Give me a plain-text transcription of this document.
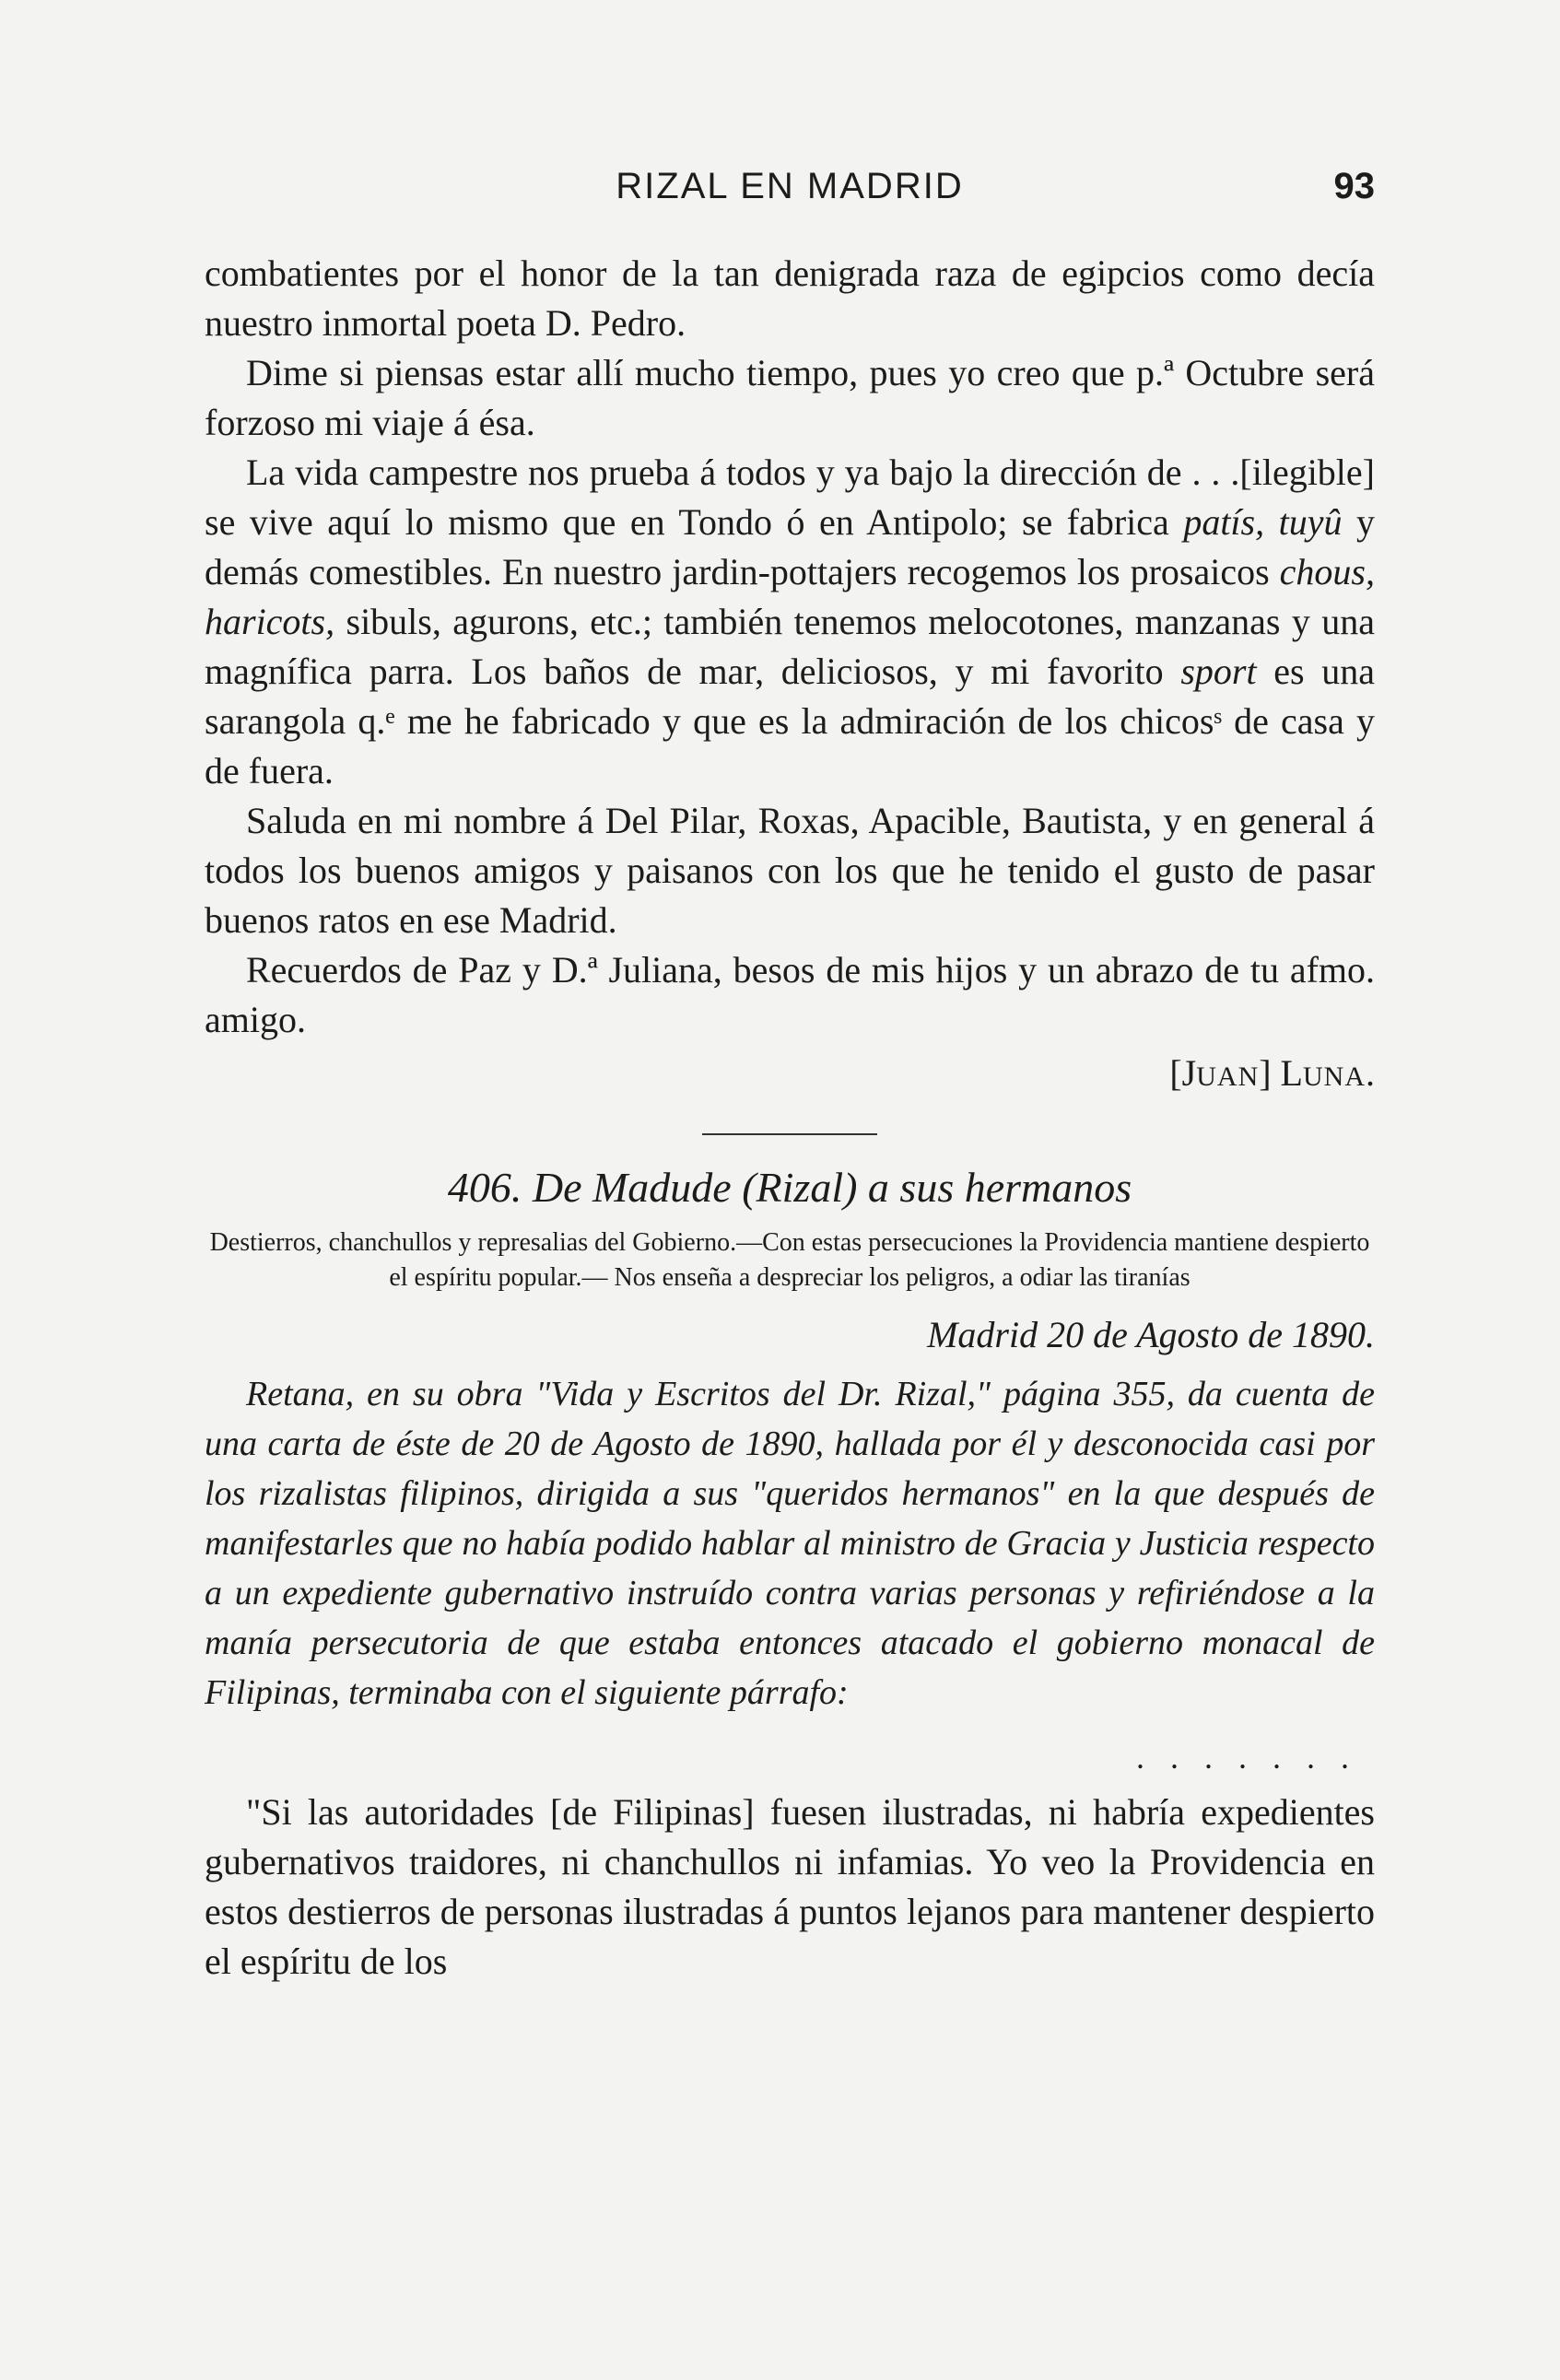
RIZAL EN MADRID	93

combatientes por el honor de la tan denigrada raza de egipcios como decía nuestro inmortal poeta D. Pedro.

Dime si piensas estar allí mucho tiempo, pues yo creo que p.ª Octubre será forzoso mi viaje á ésa.

La vida campestre nos prueba á todos y ya bajo la dirección de . . .[ilegible] se vive aquí lo mismo que en Tondo ó en Antipolo; se fabrica patís, tuyû y demás comestibles. En nuestro jardin-pottajers recogemos los prosaicos chous, haricots, sibuls, agurons, etc.; también tenemos melocotones, manzanas y una magnífica parra. Los baños de mar, deliciosos, y mi favorito sport es una sarangola q.ᵉ me he fabricado y que es la admiración de los chicosˢ de casa y de fuera.

Saluda en mi nombre á Del Pilar, Roxas, Apacible, Bautista, y en general á todos los buenos amigos y paisanos con los que he tenido el gusto de pasar buenos ratos en ese Madrid.

Recuerdos de Paz y D.ª Juliana, besos de mis hijos y un abrazo de tu afmo. amigo.

[JUAN] LUNA.
406. De Madude (Rizal) a sus hermanos

Destierros, chanchullos y represalias del Gobierno.—Con estas persecuciones la Providencia mantiene despierto el espíritu popular.— Nos enseña a despreciar los peligros, a odiar las tiranías

Madrid 20 de Agosto de 1890.

Retana, en su obra "Vida y Escritos del Dr. Rizal," página 355, da cuenta de una carta de éste de 20 de Agosto de 1890, hallada por él y desconocida casi por los rizalistas filipinos, dirigida a sus "queridos hermanos" en la que después de manifestarles que no había podido hablar al ministro de Gracia y Justicia respecto a un expediente gubernativo instruído contra varias personas y refiriéndose a la manía persecutoria de que estaba entonces atacado el gobierno monacal de Filipinas, terminaba con el siguiente párrafo:

.......

"Si las autoridades [de Filipinas] fuesen ilustradas, ni habría expedientes gubernativos traidores, ni chanchullos ni infamias. Yo veo la Providencia en estos destierros de personas ilustradas á puntos lejanos para mantener despierto el espíritu de los
